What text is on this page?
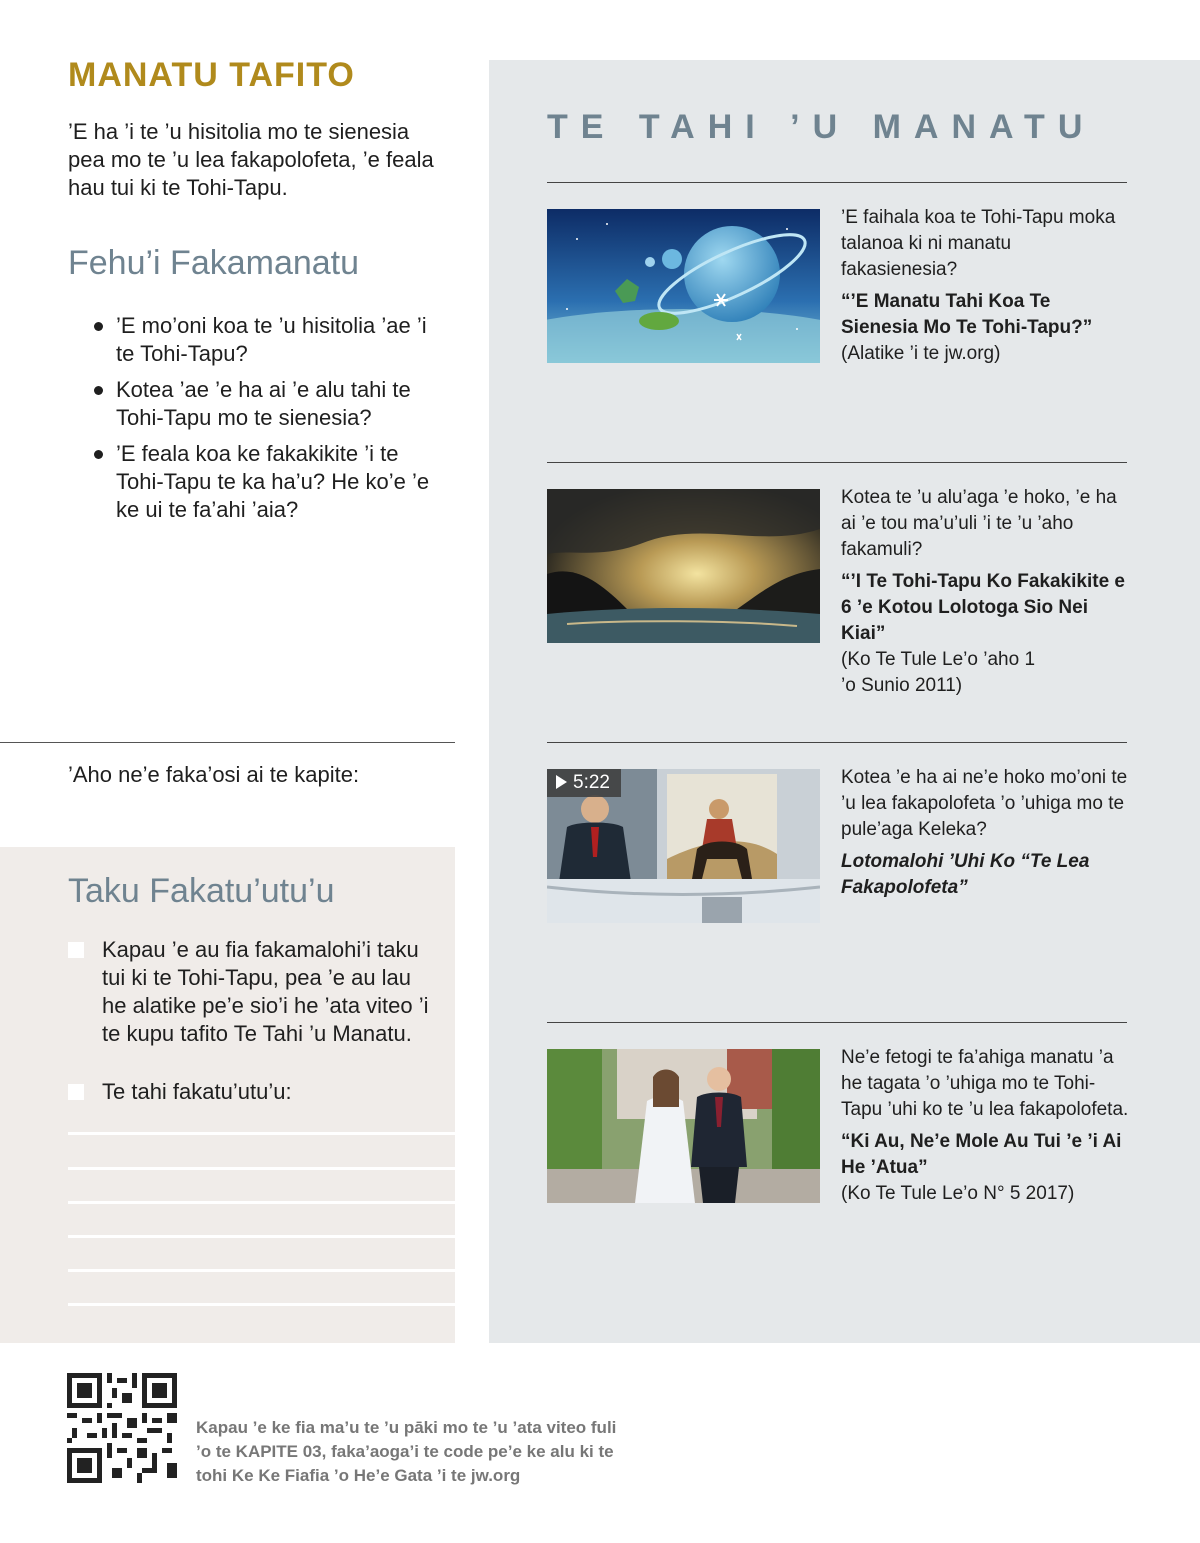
MANATU TAFITO
’E ha ’i te ’u hisitolia mo te sienesia pea mo te ’u lea fakapolofeta, ’e feala hau tui ki te Tohi-Tapu.
Fehu’i Fakamanatu
’E mo’oni koa te ’u hisitolia ’ae ’i te Tohi-Tapu?
Kotea ’ae ’e ha ai ’e alu tahi te Tohi-Tapu mo te sienesia?
’E feala koa ke fakakikite ’i te Tohi-Tapu te ka ha’u? He ko’e ’e ke ui te fa’ahi ’aia?
’Aho ne’e faka’osi ai te kapite:
Taku Fakatu’utu’u
Kapau ’e au fia fakamalohi’i taku tui ki te Tohi-Tapu, pea ’e au lau he alatike pe’e sio’i he ’ata viteo ’i te kupu tafito Te Tahi ’u Manatu.
Te tahi fakatu’utu’u:
TE TAHI ’U MANATU
’E faihala koa te Tohi-Tapu moka talanoa ki ni manatu fakasienesia?
“’E Manatu Tahi Koa Te Sienesia Mo Te Tohi-Tapu?”
(Alatike ’i te jw.org)
Kotea te ’u alu’aga ’e hoko, ’e ha ai ’e tou ma’u’uli ’i te ’u ’aho fakamuli?
“’I Te Tohi-Tapu Ko Fakakikite e 6 ’e Kotou Lolotoga Sio Nei Kiai”
(Ko Te Tule Le’o ’aho 1
’o Sunio 2011)
5:22	Kotea ’e ha ai ne’e hoko mo’oni te ’u lea fakapolofeta ’o ’uhiga mo te pule’aga Keleka?
Lotomalohi ’Uhi Ko “Te Lea Fakapolofeta”
Ne’e fetogi te fa’ahiga manatu ’a he tagata ’o ’uhiga mo te Tohi-Tapu ’uhi ko te ’u lea fakapolofeta.
“Ki Au, Ne’e Mole Au Tui ’e ’i Ai He ’Atua”
(Ko Te Tule Le’o N° 5 2017)
Kapau ’e ke fia ma’u te ’u pāki mo te ’u ’ata viteo fuli
’o te KAPITE 03, faka’aoga’i te code pe’e ke alu ki te
tohi Ke Ke Fiafia ’o He’e Gata ’i te jw.org
